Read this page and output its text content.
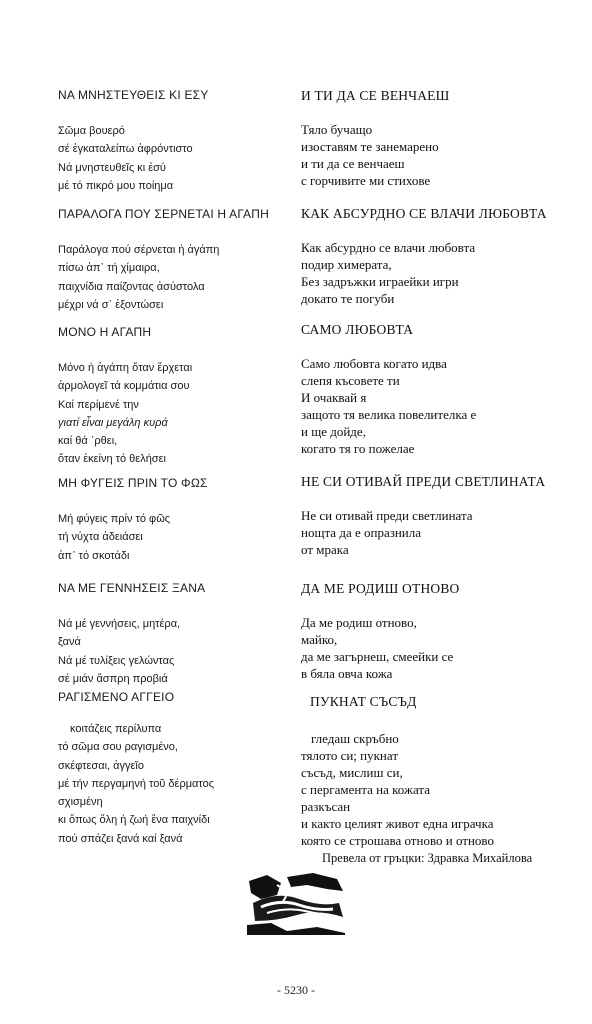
ΝΑ ΜΝΗΣΤΕΥΘΕΙΣ ΚΙ ΕΣΥ
Σῶμα βουερό
σέ ἐγκαταλείπω ἀφρόντιστο
Νά μνηστευθεῖς κι ἐσύ
μέ τό πικρό μου ποίημα
ΠΑΡΑΛΟΓΑ ΠΟΥ ΣΕΡΝΕΤΑΙ Η ΑΓΑΠΗ
Παράλογα πού σέρνεται ἡ ἀγάπη
πίσω ἀπ᾽ τή χίμαιρα,
παιχνίδια παίζοντας ἀσύστολα
μέχρι νά σ᾽ ἐξοντώσει
ΜΟΝΟ Η ΑΓΑΠΗ
Μόνο ἡ ἀγάπη ὅταν ἔρχεται
ἁρμολογεῖ τά κομμάτια σου
Καί περίμενέ την
γιατί εἶναι μεγάλη κυρά
καί θά ᾽ρθει,
ὅταν ἐκείνη τό θελήσει
ΜΗ ΦΥΓΕΙΣ ΠΡΙΝ ΤΟ ΦΩΣ
Μή φύγεις πρίν τό φῶς
τή νύχτα ἀδειάσει
ἀπ᾽ τό σκοτάδι
ΝΑ ΜΕ ΓΕΝΝΗΣΕΙΣ ΞΑΝΑ
Νά μέ γεννήσεις, μητέρα,
ξανά
Νά μέ τυλίξεις γελώντας
σέ μιάν ἄσπρη προβιά
ΡΑΓΙΣΜΕΝΟ ΑΓΓΕΙΟ
κοιτάζεις περίλυπα
τό σῶμα σου ραγισμένο,
σκέφτεσαι, ἀγγεῖο
μέ τήν περγαμηνή τοῦ δέρματος
σχισμένη
κι ὅπως ὅλη ἡ ζωή ἕνα παιχνίδι
πού σπάζει ξανά καί ξανά
И ТИ ДА СЕ ВЕНЧАЕШ
Тяло бучащо
изоставям те занемарено
и ти да се венчаеш
с горчивите ми стихове
КАК АБСУРДНО СЕ ВЛАЧИ ЛЮБОВТА
Как абсурдно се влачи любовта
подир химерата,
Без задръжки играейки игри
докато те погуби
САМО ЛЮБОВТА
Само любовта когато идва
слепя късовете ти
И очаквай я
защото тя велика повелителка е
и ще дойде,
когато тя го пожелае
НЕ СИ ОТИВАЙ ПРЕДИ СВЕТЛИНАТА
Не си отивай преди светлината
нощта да е опразнила
от мрака
ДА МЕ РОДИШ ОТНОВО
Да ме родиш отново,
майко,
да ме загърнеш, смеейки се
в бяла овча кожа
ПУКНАТ СЪСЪД
гледаш скръбно
тялото си; пукнат
съсъд, мислиш си,
с пергамента на кожата
разкъсан
и както целият живот една играчка
която се строшава отново и отново
Превела от гръцки: Здравка Михайлова
- 5230 -
